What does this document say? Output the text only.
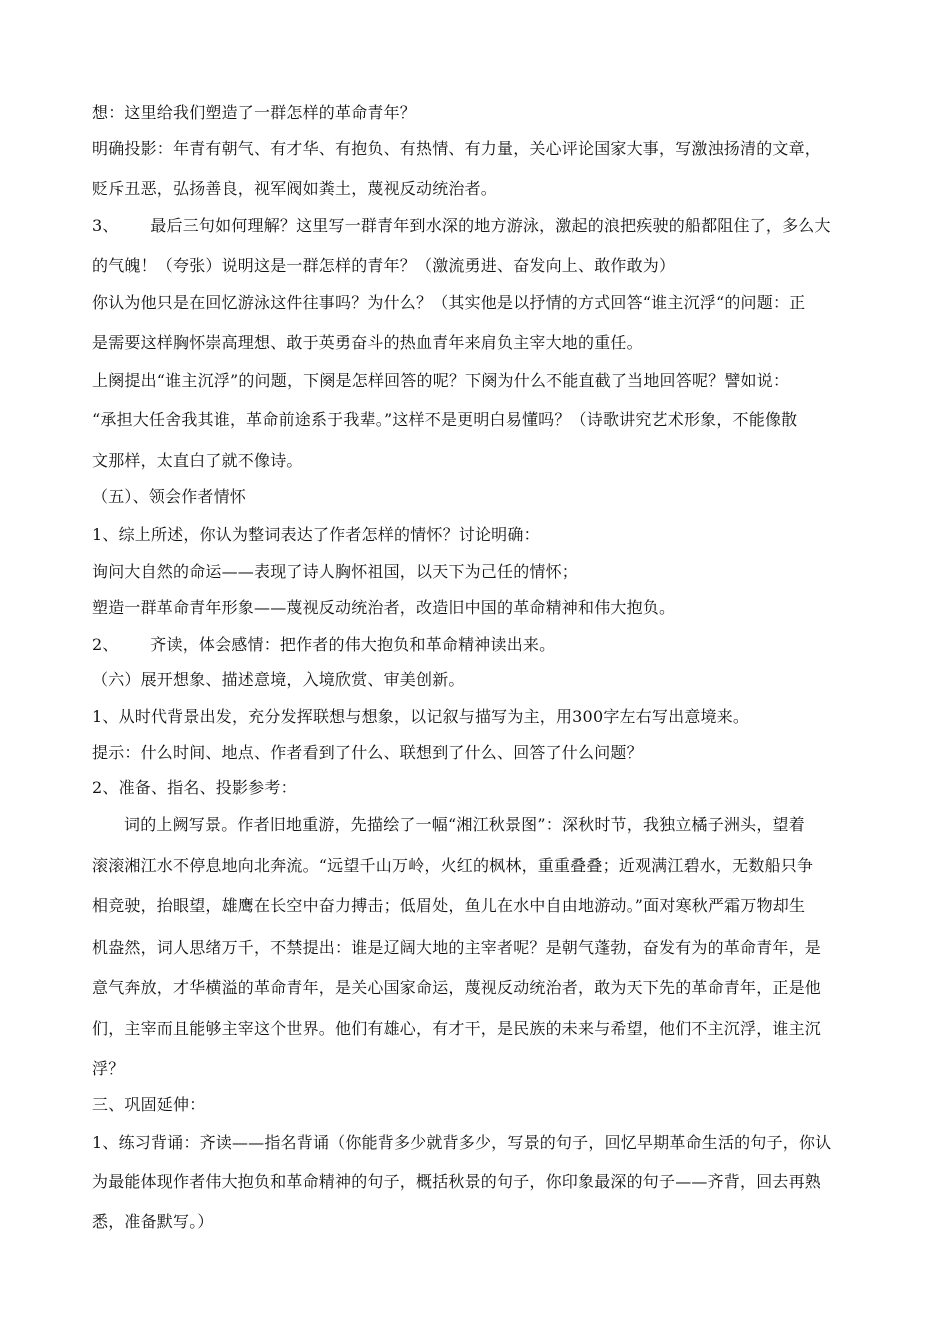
想：这里给我们塑造了一群怎样的革命青年？
明确投影：年青有朝气、有才华、有抱负、有热情、有力量，关心评论国家大事，写激浊扬清的文章，
贬斥丑恶，弘扬善良，视军阀如粪土，蔑视反动统治者。
3、      最后三句如何理解？这里写一群青年到水深的地方游泳，激起的浪把疾驶的船都阻住了，多么大
的气魄！（夸张）说明这是一群怎样的青年？（激流勇进、奋发向上、敢作敢为）
你认为他只是在回忆游泳这件往事吗？为什么？（其实他是以抒情的方式回答“谁主沉浮“的问题：正
是需要这样胸怀崇高理想、敢于英勇奋斗的热血青年来肩负主宰大地的重任。
上阕提出“谁主沉浮”的问题，下阕是怎样回答的呢？下阕为什么不能直截了当地回答呢？譬如说：
“承担大任舍我其谁，革命前途系于我辈。”这样不是更明白易懂吗？（诗歌讲究艺术形象，不能像散
文那样，太直白了就不像诗。
（五）、领会作者情怀
1、综上所述，你认为整词表达了作者怎样的情怀？讨论明确：
询问大自然的命运——表现了诗人胸怀祖国，以天下为己任的情怀；
塑造一群革命青年形象——蔑视反动统治者，改造旧中国的革命精神和伟大抱负。
2、      齐读，体会感情：把作者的伟大抱负和革命精神读出来。
（六）展开想象、描述意境，入境欣赏、审美创新。
1、从时代背景出发，充分发挥联想与想象，以记叙与描写为主，用300字左右写出意境来。
提示：什么时间、地点、作者看到了什么、联想到了什么、回答了什么问题？
2、准备、指名、投影参考：
词的上阙写景。作者旧地重游，先描绘了一幅“湘江秋景图”：深秋时节，我独立橘子洲头，望着
滚滚湘江水不停息地向北奔流。“远望千山万岭，火红的枫林，重重叠叠；近观满江碧水，无数船只争
相竞驶，抬眼望，雄鹰在长空中奋力搏击；低眉处，鱼儿在水中自由地游动。”面对寒秋严霜万物却生
机盎然，词人思绪万千，不禁提出：谁是辽阔大地的主宰者呢？是朝气蓬勃，奋发有为的革命青年，是
意气奔放，才华横溢的革命青年，是关心国家命运，蔑视反动统治者，敢为天下先的革命青年，正是他
们，主宰而且能够主宰这个世界。他们有雄心，有才干，是民族的未来与希望，他们不主沉浮，谁主沉
浮？
三、巩固延伸：
1、练习背诵：齐读——指名背诵（你能背多少就背多少，写景的句子，回忆早期革命生活的句子，你认
为最能体现作者伟大抱负和革命精神的句子，概括秋景的句子，你印象最深的句子——齐背，回去再熟
悉，准备默写。）
